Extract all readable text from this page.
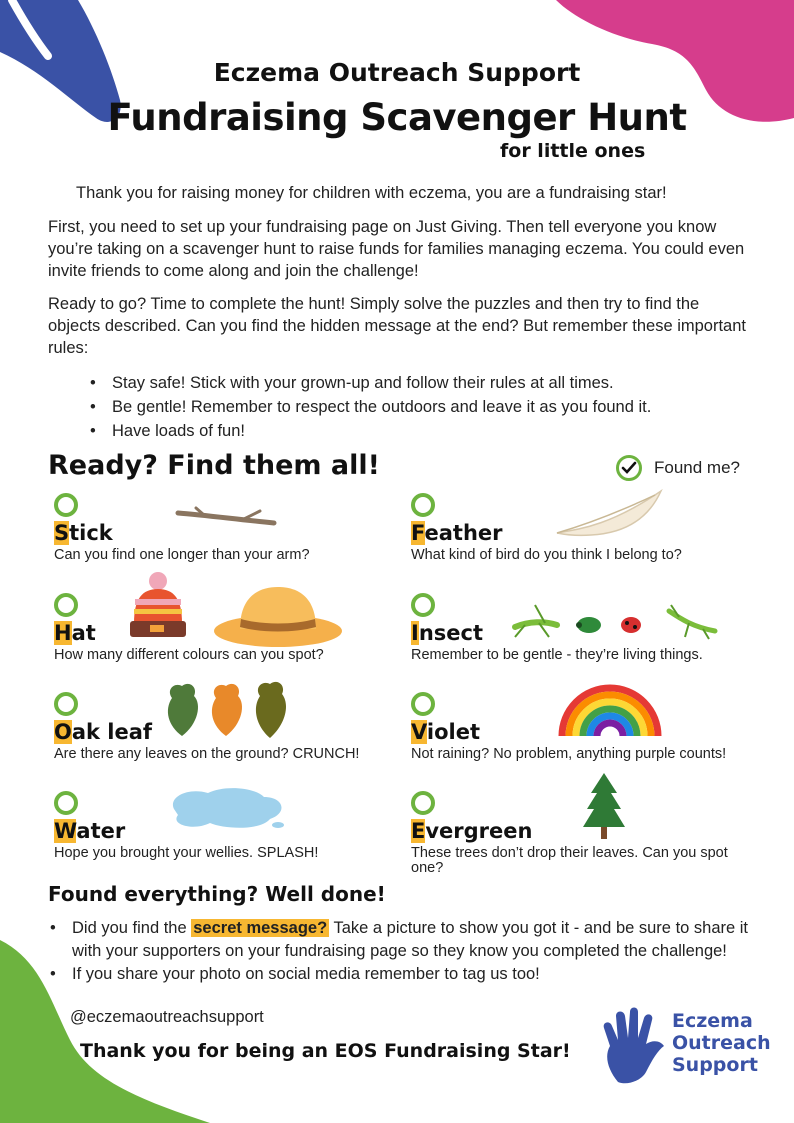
Eczema Outreach Support
Fundraising Scavenger Hunt
for little ones
Thank you for raising money for children with eczema, you are a fundraising star!
First, you need to set up your fundraising page on Just Giving. Then tell everyone you know you’re taking on a scavenger hunt to raise funds for families managing eczema. You could even invite friends to come along and join the challenge!
Ready to go? Time to complete the hunt! Simply solve the puzzles and then try to find the objects described. Can you find the hidden message at the end? But remember these important rules:
• Stay safe! Stick with your grown-up and follow their rules at all times.
• Be gentle! Remember to respect the outdoors and leave it as you found it.
• Have loads of fun!
Ready? Find them all!	Found me?
Stick
Can you find one longer than your arm?
Feather
What kind of bird do you think I belong to?
Hat
How many different colours can you spot?
Insect
Remember to be gentle - they’re living things.
Oak leaf
Are there any leaves on the ground? CRUNCH!
Violet
Not raining? No problem, anything purple counts!
Water
Hope you brought your wellies. SPLASH!
Evergreen
These trees don’t drop their leaves. Can you spot one?
Found everything? Well done!
• Did you find the secret message? Take a picture to show you got it - and be sure to share it with your supporters on your fundraising page so they know you completed the challenge!
• If you share your photo on social media remember to tag us too!
@eczemaoutreachsupport
Thank you for being an EOS Fundraising Star!
Eczema
Outreach
Support
